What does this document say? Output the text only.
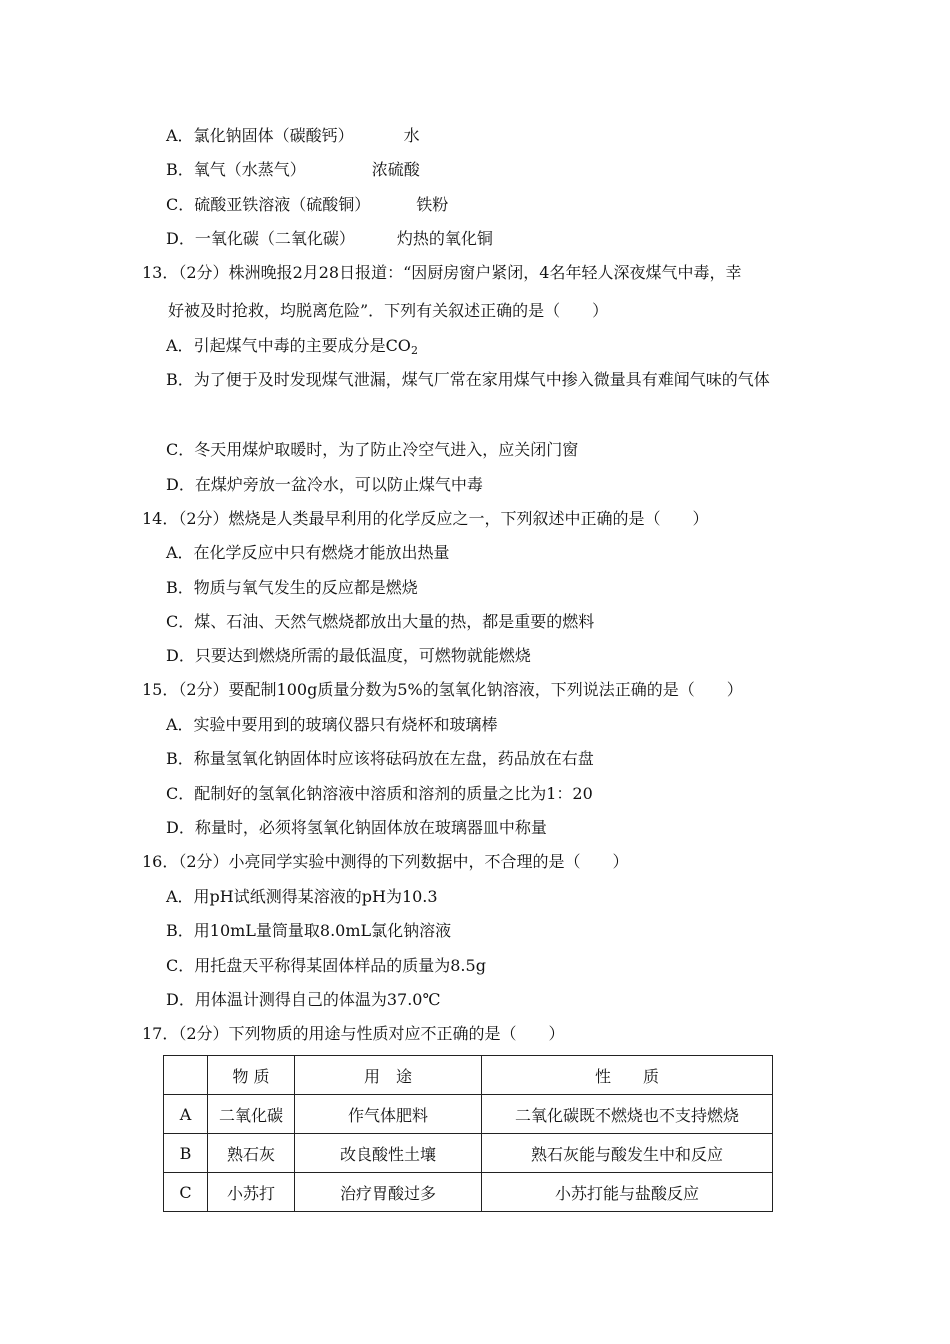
A．氯化钠固体（碳酸钙）	水
B．氧气（水蒸气）	浓硫酸
C．硫酸亚铁溶液（硫酸铜）	铁粉
D．一氧化碳（二氧化碳）	灼热的氧化铜
13．（2分）株洲晚报2月28日报道：“因厨房窗户紧闭，4名年轻人深夜煤气中毒，幸
好被及时抢救，均脱离危险”．下列有关叙述正确的是（　　）
A．引起煤气中毒的主要成分是$CO_2$
B．为了便于及时发现煤气泄漏，煤气厂常在家用煤气中掺入微量具有难闻气味的气体
C．冬天用煤炉取暖时，为了防止冷空气进入，应关闭门窗
D．在煤炉旁放一盆冷水，可以防止煤气中毒
14．（2分）燃烧是人类最早利用的化学反应之一，下列叙述中正确的是（　　）
A．在化学反应中只有燃烧才能放出热量
B．物质与氧气发生的反应都是燃烧
C．煤、石油、天然气燃烧都放出大量的热，都是重要的燃料
D．只要达到燃烧所需的最低温度，可燃物就能燃烧
15．（2分）要配制100g质量分数为5%的氢氧化钠溶液，下列说法正确的是（　　）
A．实验中要用到的玻璃仪器只有烧杯和玻璃棒
B．称量氢氧化钠固体时应该将砝码放在左盘，药品放在右盘
C．配制好的氢氧化钠溶液中溶质和溶剂的质量之比为1：20
D．称量时，必须将氢氧化钠固体放在玻璃器皿中称量
16．（2分）小亮同学实验中测得的下列数据中，不合理的是（　　）
A．用pH试纸测得某溶液的pH为10.3
B．用10mL量筒量取8.0mL氯化钠溶液
C．用托盘天平称得某固体样品的质量为8.5g
D．用体温计测得自己的体温为37.0℃
17．（2分）下列物质的用途与性质对应不正确的是（　　）
	物 质	用　途	性　　质
A	二氧化碳	作气体肥料	二氧化碳既不燃烧也不支持燃烧
B	熟石灰	改良酸性土壤	熟石灰能与酸发生中和反应
C	小苏打	治疗胃酸过多	小苏打能与盐酸反应
